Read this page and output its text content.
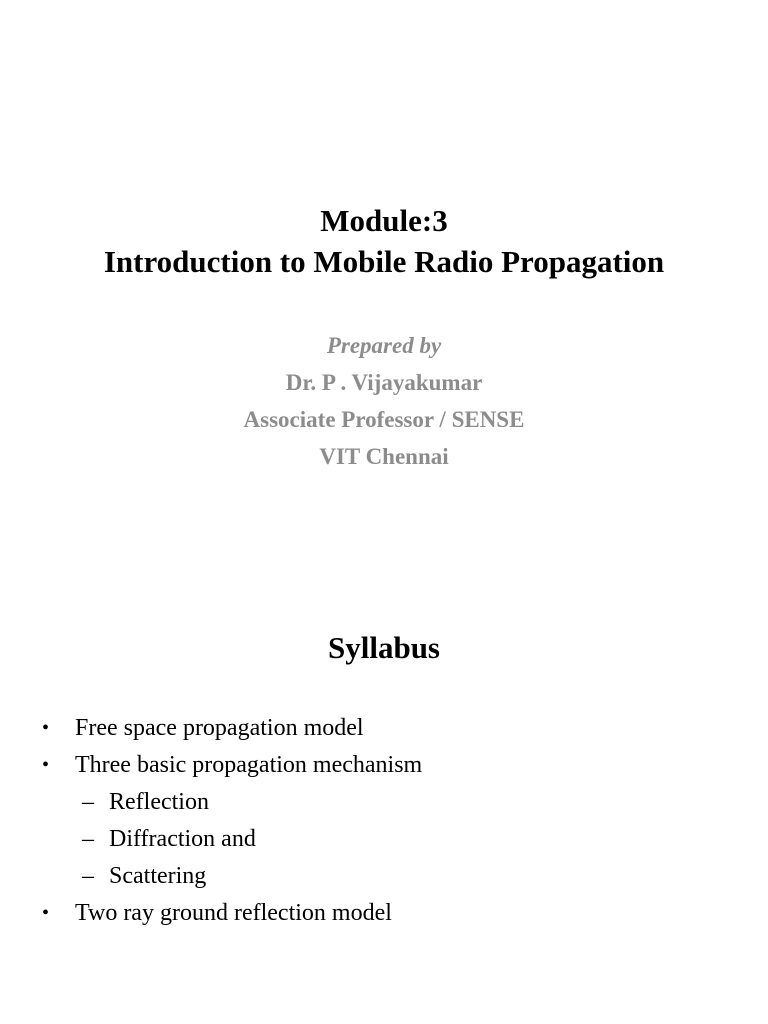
Module:3
Introduction to Mobile Radio Propagation
Prepared by
Dr. P . Vijayakumar
Associate Professor / SENSE
VIT Chennai
Syllabus
• Free space propagation model
• Three basic propagation mechanism
– Reflection
– Diffraction and
– Scattering
• Two ray ground reflection model
